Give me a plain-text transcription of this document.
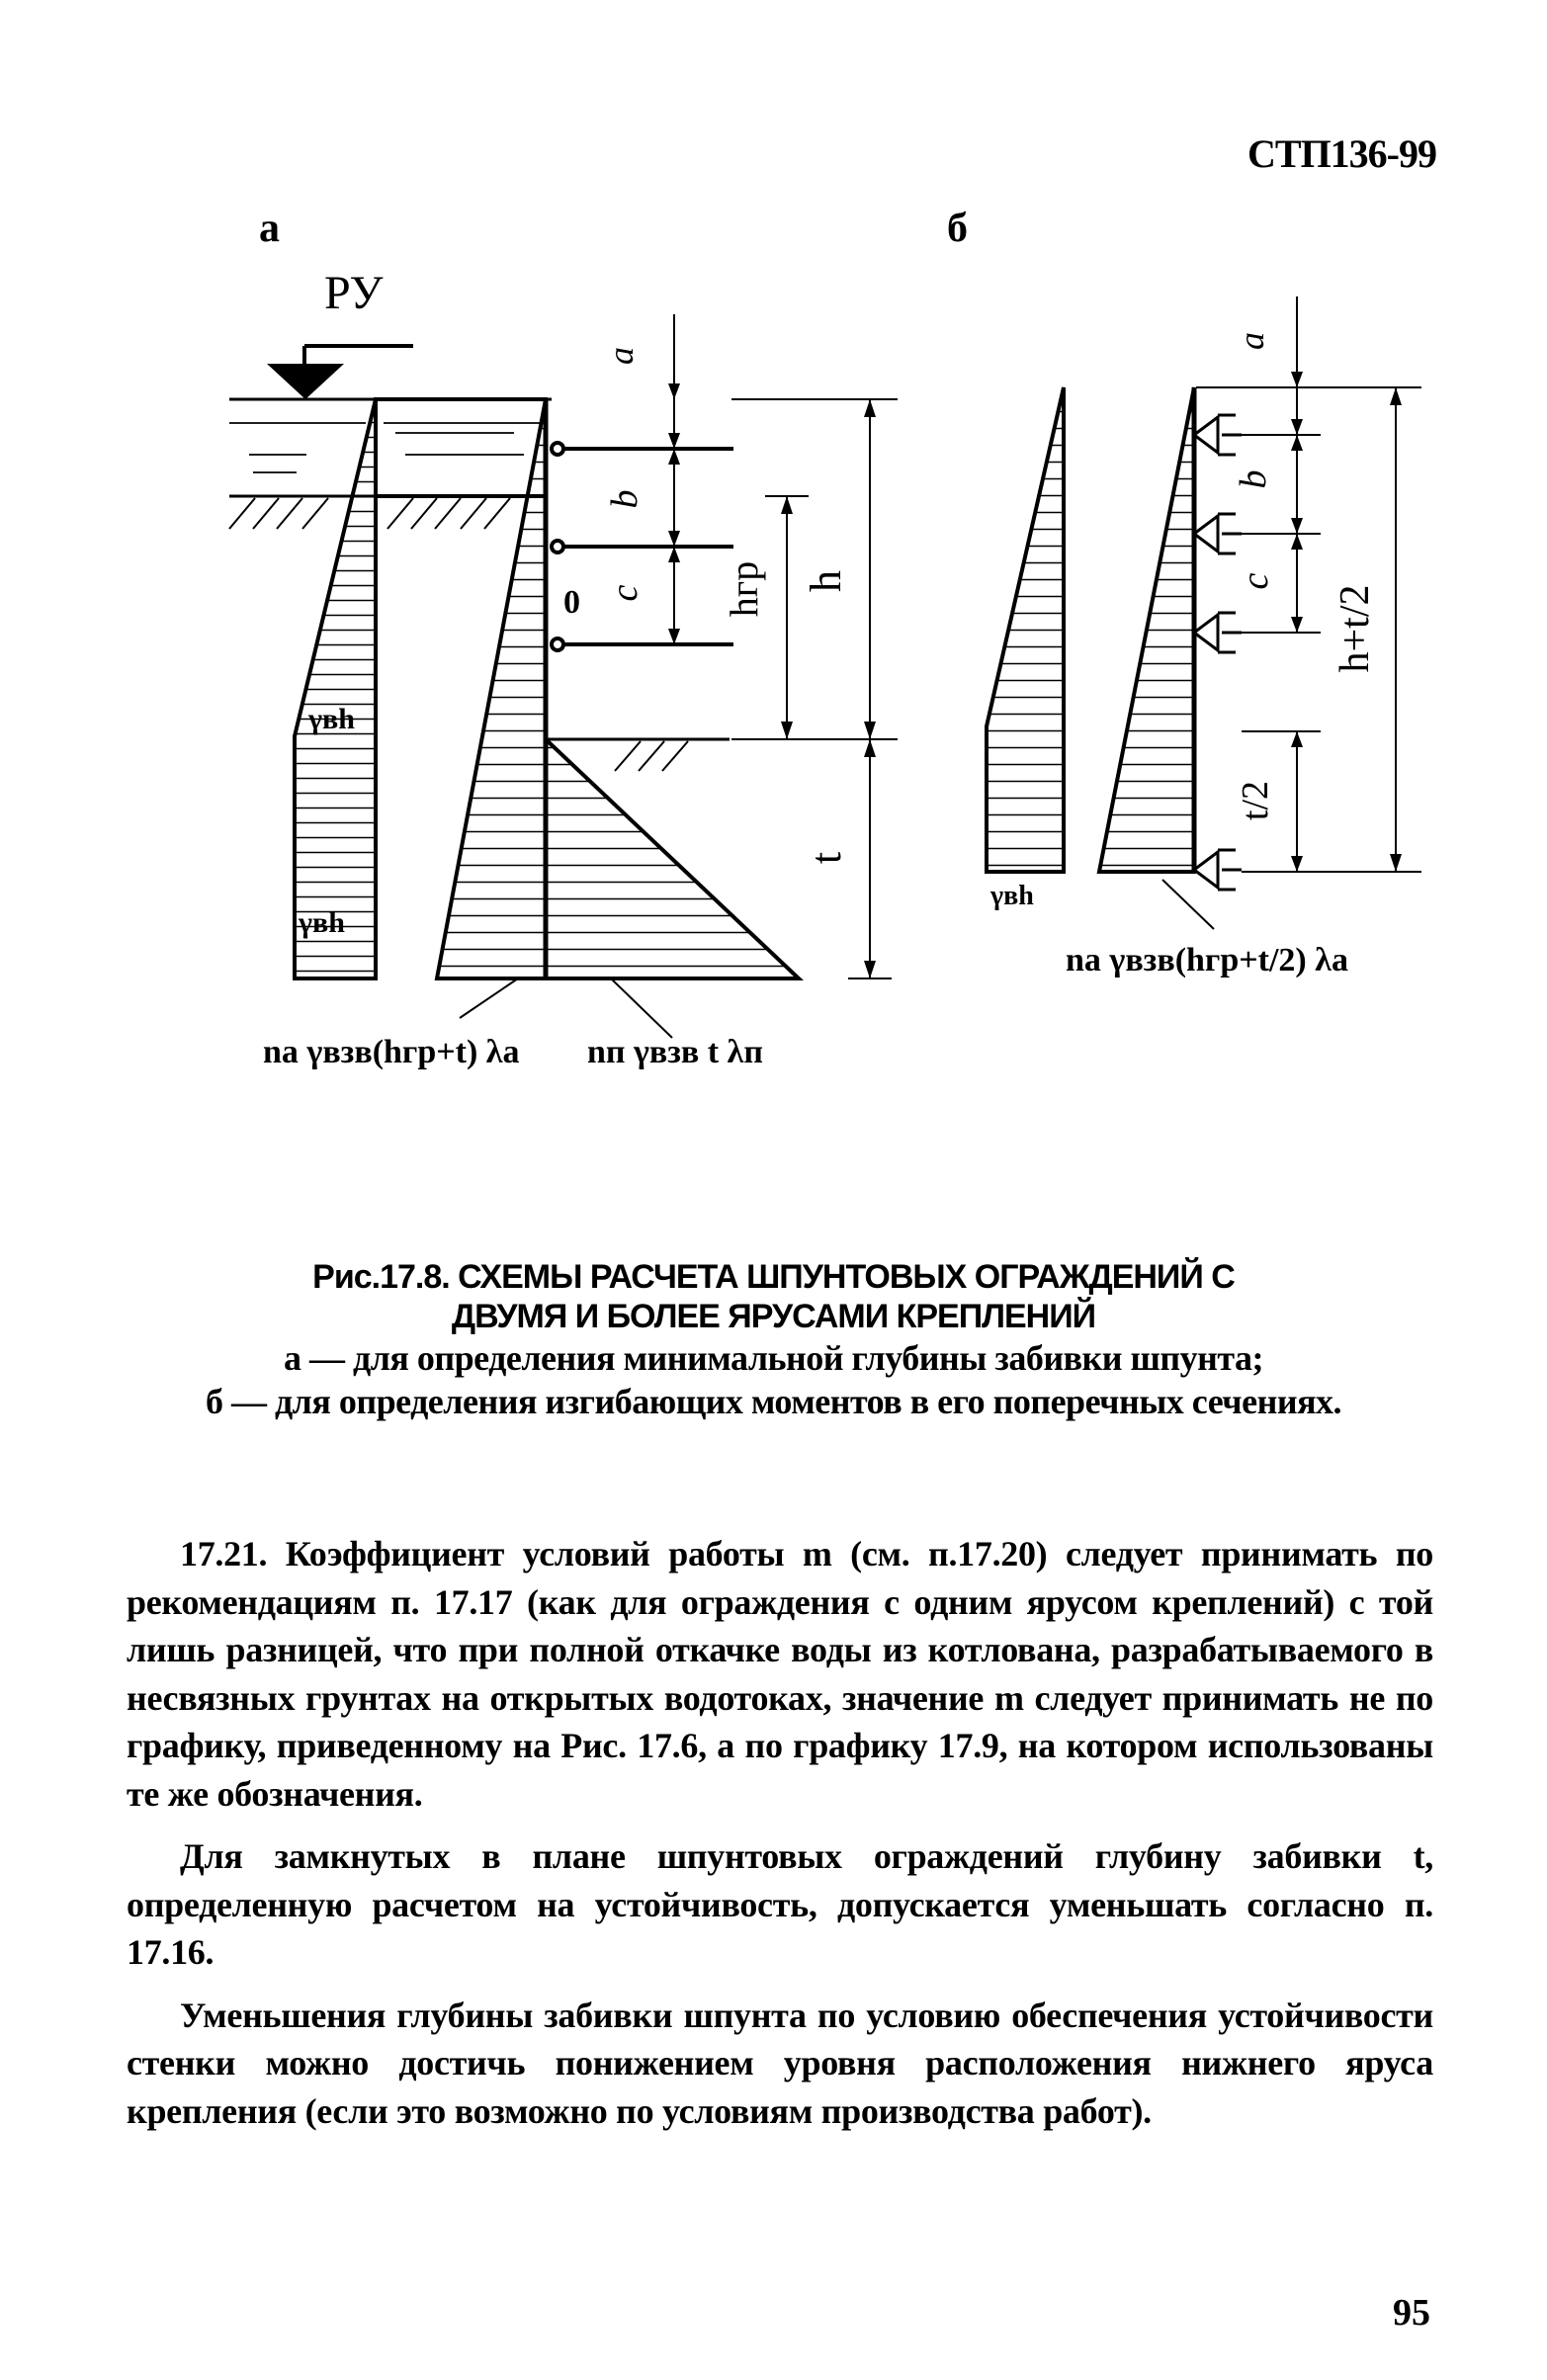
СТП136-99
а
РУ
γвh
γвh
0
a
b
c hгр h
t
nа γвзв(hгр+t) λа nп γвзв t λп
б
γвh
a
b
c
t/2
h+t/2
nа γвзв(hгр+t/2) λа
Рис.17.8. СХЕМЫ РАСЧЕТА ШПУНТОВЫХ ОГРАЖДЕНИЙ С
ДВУМЯ И БОЛЕЕ ЯРУСАМИ КРЕПЛЕНИЙ
а — для определения минимальной глубины забивки шпунта;
б — для определения изгибающих моментов в его поперечных сечениях.

17.21. Коэффициент условий работы m (см. п.17.20) следует принимать по рекомендациям п. 17.17 (как для ограждения с одним ярусом креплений) с той лишь разницей, что при полной откачке воды из котлована, разрабатываемого в несвязных грунтах на открытых водотоках, значение m следует принимать не по графику, приведенному на Рис. 17.6, а по графику 17.9, на котором использованы те же обозначения.

Для замкнутых в плане шпунтовых ограждений глубину забивки t, определенную расчетом на устойчивость, допускается уменьшать согласно п. 17.16.

Уменьшения глубины забивки шпунта по условию обеспечения устойчивости стенки можно достичь понижением уровня расположения нижнего яруса крепления (если это возможно по условиям производства работ).

95
